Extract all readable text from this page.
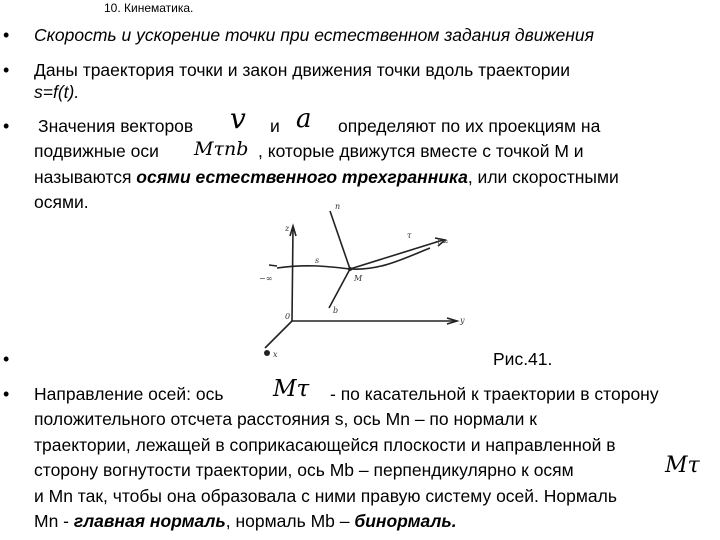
10. Кинематика.
• Скорость и ускорение точки при естественном задания движения
• Даны траектория точки и закон движения точки вдоль траектории
s=f(t).
• Значения векторов v и a определяют по их проекциям на
подвижные оси Mτnb , которые движутся вместе с точкой М и
называются осями естественного трехгранника, или скоростными
осями.
z
y
x
0
M
s
τ
n
b
−∞
+∞
•	Рис.41.
• Направление осей: ось Mτ - по касательной к траектории в сторону
положительного отсчета расстояния s, ось Mn – по нормали к
траектории, лежащей в соприкасающейся плоскости и направленной в
сторону вогнутости траектории, ось Mb – перпендикулярно к осям	Mτ
и Mn так, чтобы она образовала с ними правую систему осей. Нормаль
Mn - главная нормаль, нормаль Mb – бинормаль.
